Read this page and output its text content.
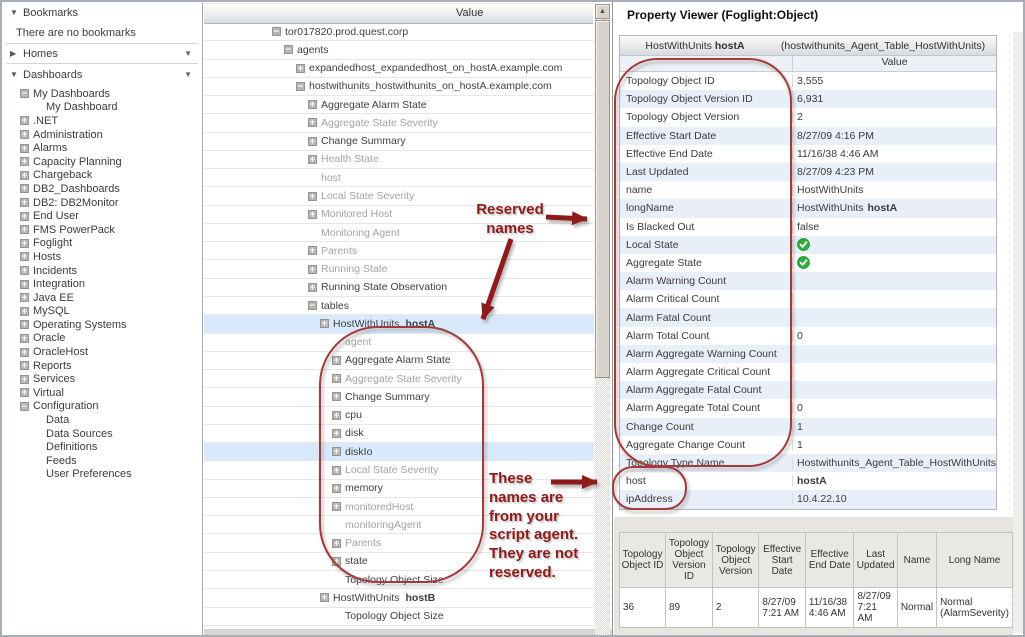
▼ Bookmarks
There are no bookmarks
▶ Homes	▼
▼ Dashboards	▼
− My Dashboards
My Dashboard
+ .NET
+ Administration
+ Alarms
+ Capacity Planning
+ Chargeback
+ DB2_Dashboards
+ DB2: DB2Monitor
+ End User
+ FMS PowerPack
+ Foglight
+ Hosts
+ Incidents
+ Integration
+ Java EE
+ MySQL
+ Operating Systems
+ Oracle
+ OracleHost
+ Reports
+ Services
+ Virtual
− Configuration
Data
Data Sources
Definitions
Feeds
User Preferences
Value
− tor017820.prod.quest.corp
− agents
+ expandedhost_expandedhost_on_hostA.example.com
− hostwithunits_hostwithunits_on_hostA.example.com
+ Aggregate Alarm State
+ Aggregate State Severity
+ Change Summary
+ Health State
host
+ Local State Severity
+ Monitored Host
Monitoring Agent
+ Parents
+ Running State
+ Running State Observation
− tables
+ HostWithUnits hostA
agent
+ Aggregate Alarm State
+ Aggregate State Severity
+ Change Summary
+ cpu
+ disk
+ diskIo
+ Local State Severity
+ memory
+ monitoredHost
monitoringAgent
+ Parents
+ state
Topology Object Size
+ HostWithUnits hostB
Topology Object Size
▲	Property Viewer (Foglight:Object)
HostWithUnits hostA	(hostwithunits_Agent_Table_HostWithUnits)
Value
Topology Object ID	3,555
Topology Object Version ID	6,931
Topology Object Version	2
Effective Start Date	8/27/09 4:16 PM
Effective End Date	11/16/38 4:46 AM
Last Updated	8/27/09 4:23 PM
name	HostWithUnits
longName	HostWithUnits hostA
Is Blacked Out	false
Local State
Aggregate State
Alarm Warning Count
Alarm Critical Count
Alarm Fatal Count
Alarm Total Count	0
Alarm Aggregate Warning Count
Alarm Aggregate Critical Count
Alarm Aggregate Fatal Count
Alarm Aggregate Total Count	0
Change Count	1
Aggregate Change Count	1
Topology Type Name	Hostwithunits_Agent_Table_HostWithUnits
host	hostA
ipAddress	10.4.22.10
Topology Object ID	Topology Object Version ID	Topology Object Version	Effective Start Date	Effective End Date	Last Updated	Name	Long Name
36	89	2	8/27/09 7:21 AM	11/16/38 4:46 AM	8/27/09 7:21 AM	Normal	Normal (AlarmSeverity)
Reserved
names
These
names are
from your
script agent.
They are not
reserved.
